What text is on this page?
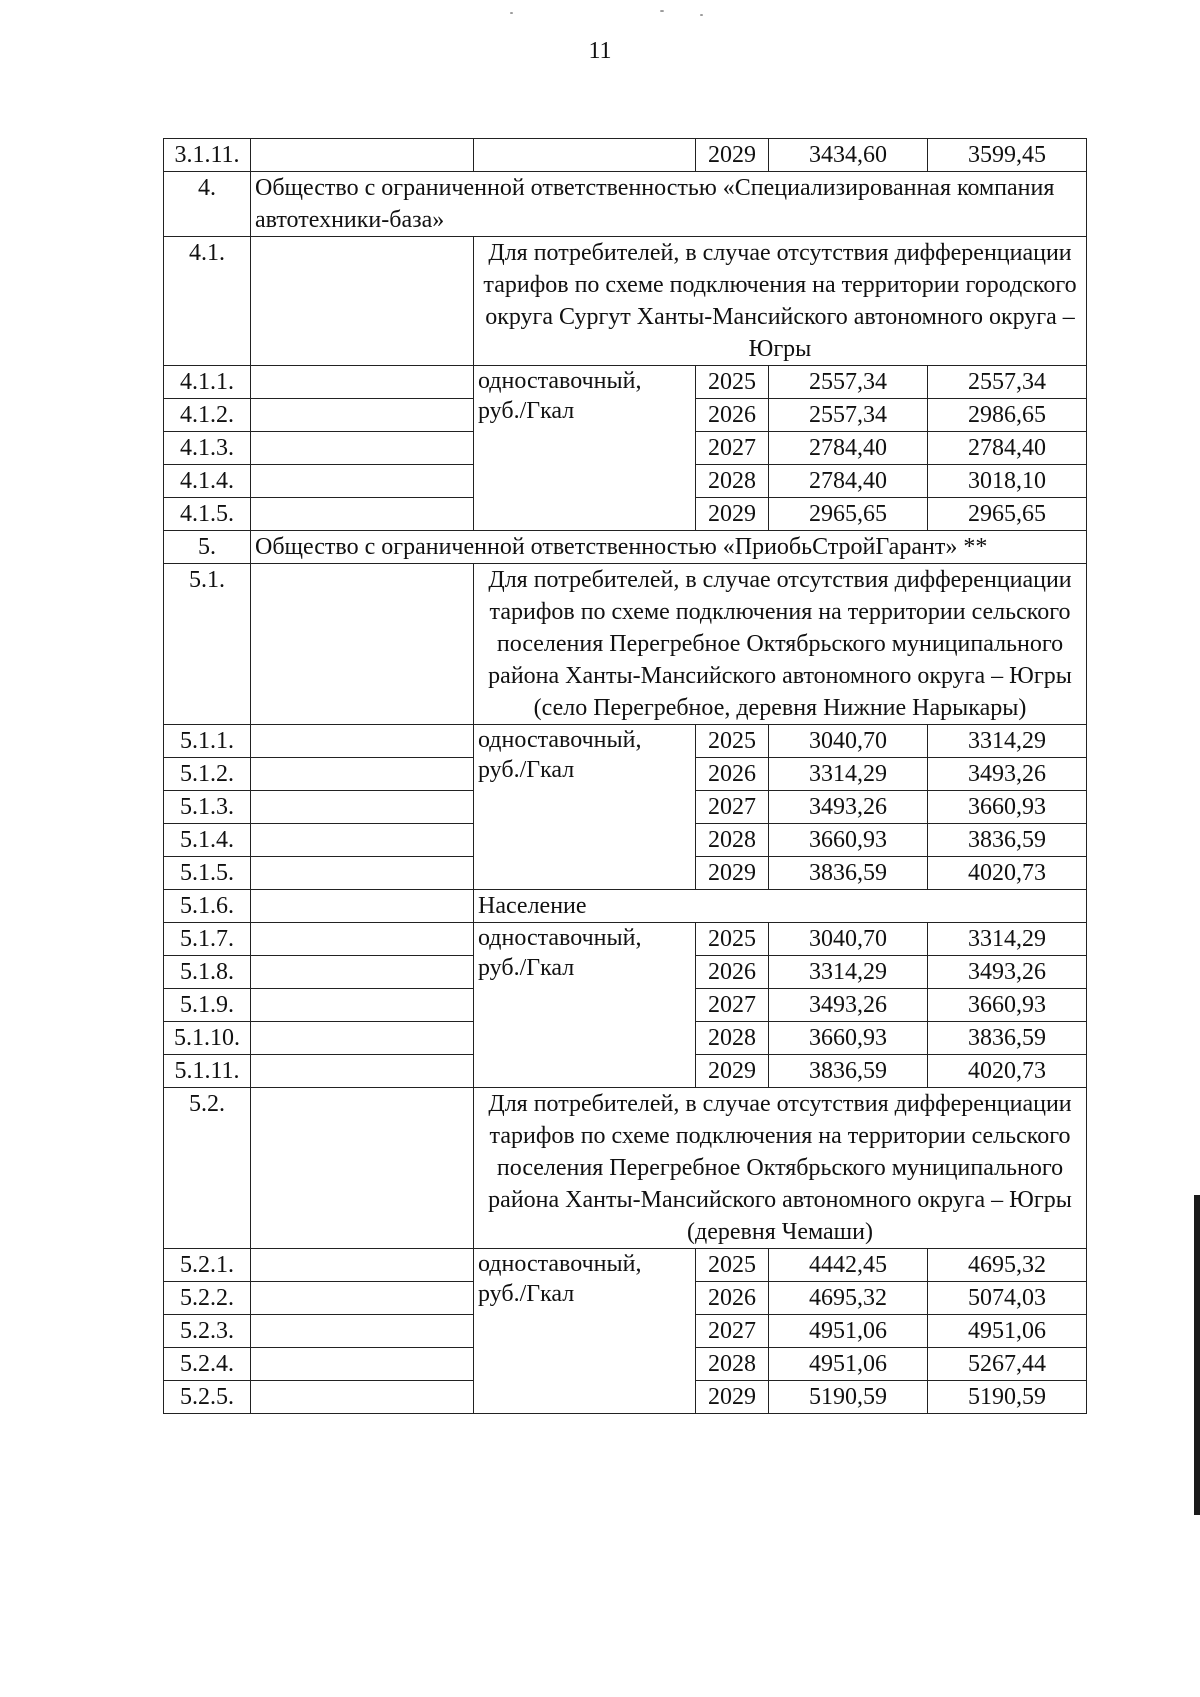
11
3.1.11.			2029	3434,60	3599,45
4.	Общество с ограниченной ответственностью «Специализированная компания автотехники-база»				
4.1.		Для потребителей, в случае отсутствия дифференциации тарифов по схеме подключения на территории городского округа Сургут Ханты-Мансийского автономного округа – Югры			
4.1.1.		одноставочный, руб./Гкал	2025	2557,34	2557,34
4.1.2.			2026	2557,34	2986,65
4.1.3.			2027	2784,40	2784,40
4.1.4.			2028	2784,40	3018,10
4.1.5.			2029	2965,65	2965,65
5.	Общество с ограниченной ответственностью «ПриобьСтройГарант» **				
5.1.		Для потребителей, в случае отсутствия дифференциации тарифов по схеме подключения на территории сельского поселения Перегребное Октябрьского муниципального района Ханты-Мансийского автономного округа – Югры (село Перегребное, деревня Нижние Нарыкары)			
5.1.1.		одноставочный, руб./Гкал	2025	3040,70	3314,29
5.1.2.			2026	3314,29	3493,26
5.1.3.			2027	3493,26	3660,93
5.1.4.			2028	3660,93	3836,59
5.1.5.			2029	3836,59	4020,73
5.1.6.		Население			
5.1.7.		одноставочный, руб./Гкал	2025	3040,70	3314,29
5.1.8.			2026	3314,29	3493,26
5.1.9.			2027	3493,26	3660,93
5.1.10.			2028	3660,93	3836,59
5.1.11.			2029	3836,59	4020,73
5.2.		Для потребителей, в случае отсутствия дифференциации тарифов по схеме подключения на территории сельского поселения Перегребное Октябрьского муниципального района Ханты-Мансийского автономного округа – Югры (деревня Чемаши)			
5.2.1.		одноставочный, руб./Гкал	2025	4442,45	4695,32
5.2.2.			2026	4695,32	5074,03
5.2.3.			2027	4951,06	4951,06
5.2.4.			2028	4951,06	5267,44
5.2.5.			2029	5190,59	5190,59
